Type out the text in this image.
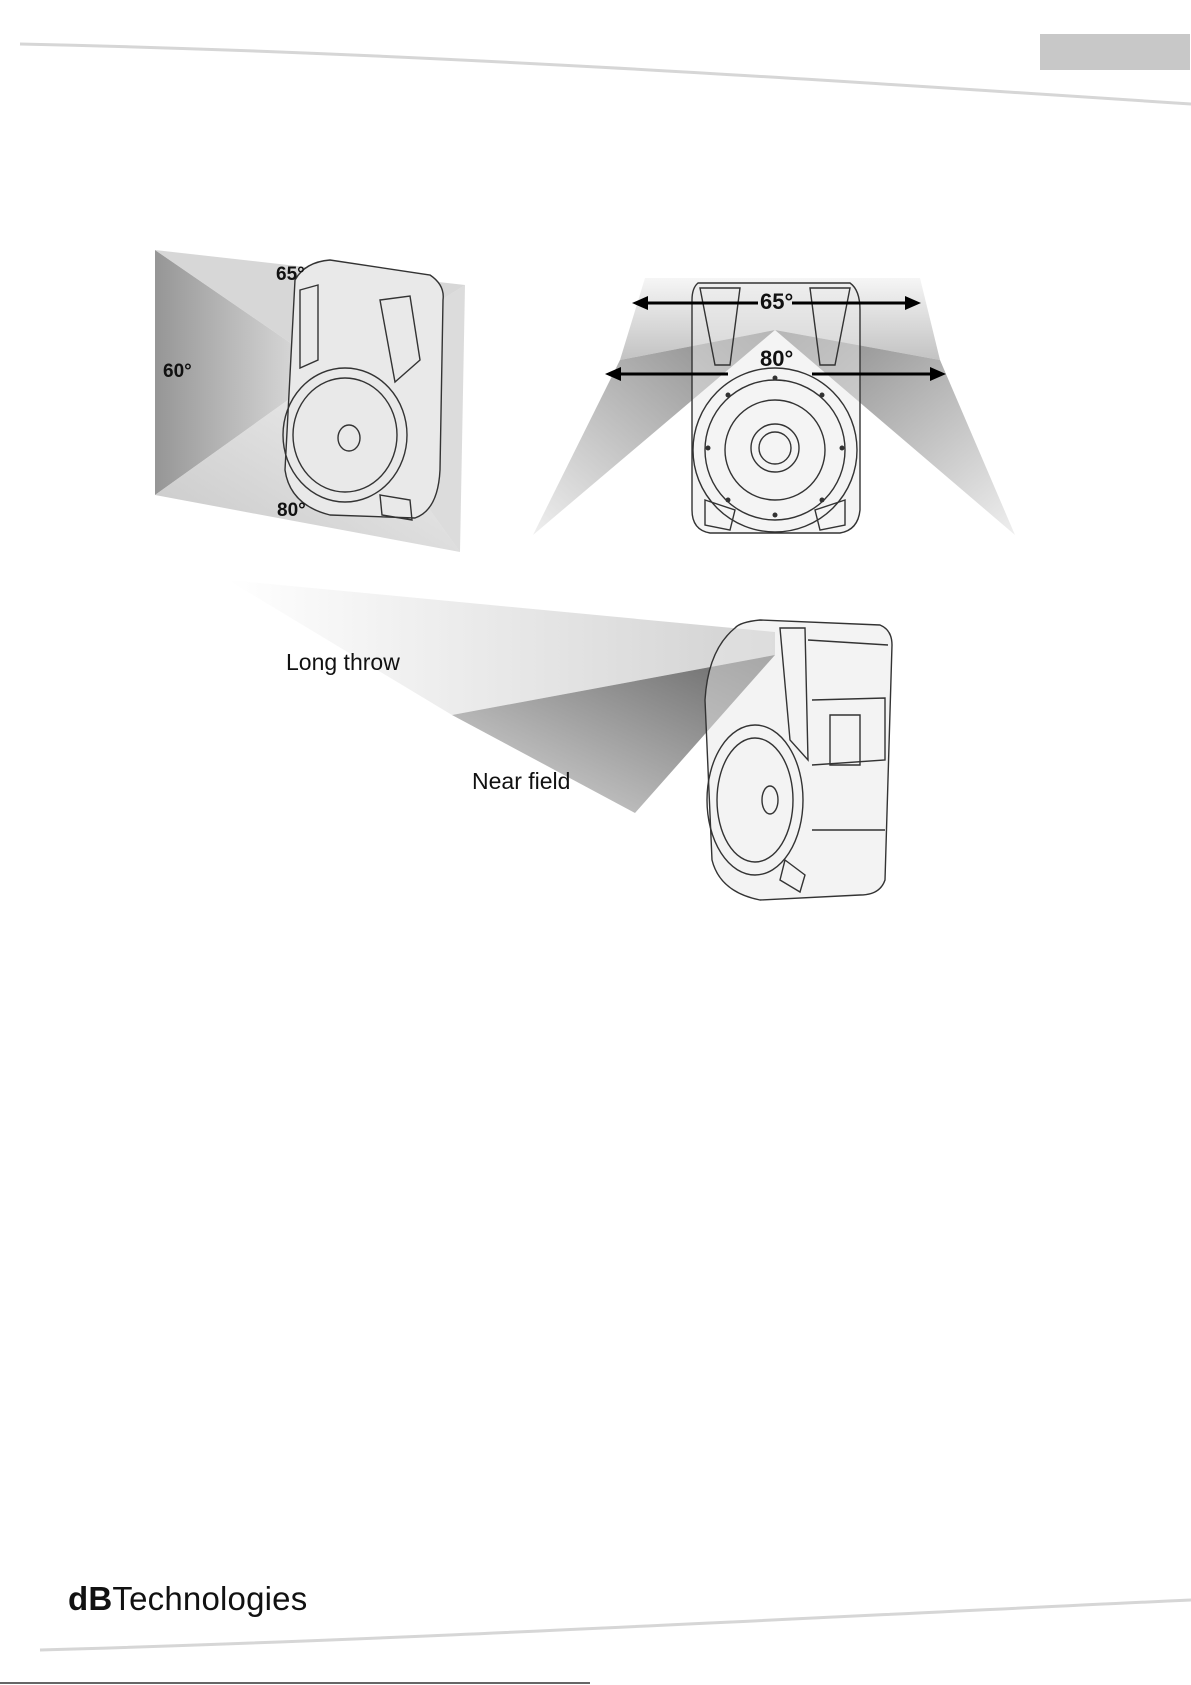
65°
60°
80°
65°
80°
Long throw
Near field
dBTechnologies
